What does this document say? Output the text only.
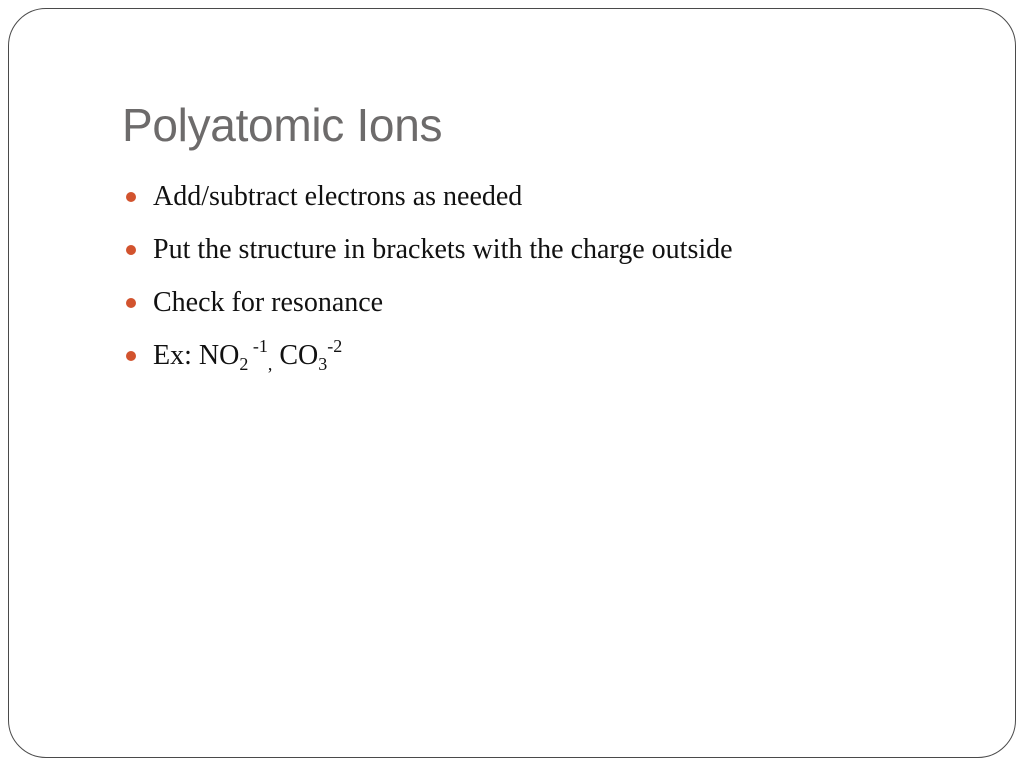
Polyatomic Ions
Add/subtract electrons as needed
Put the structure in brackets with the charge outside
Check for resonance
Ex: $NO_2$ $^{-1}_,$ $CO_3^{-2}$
